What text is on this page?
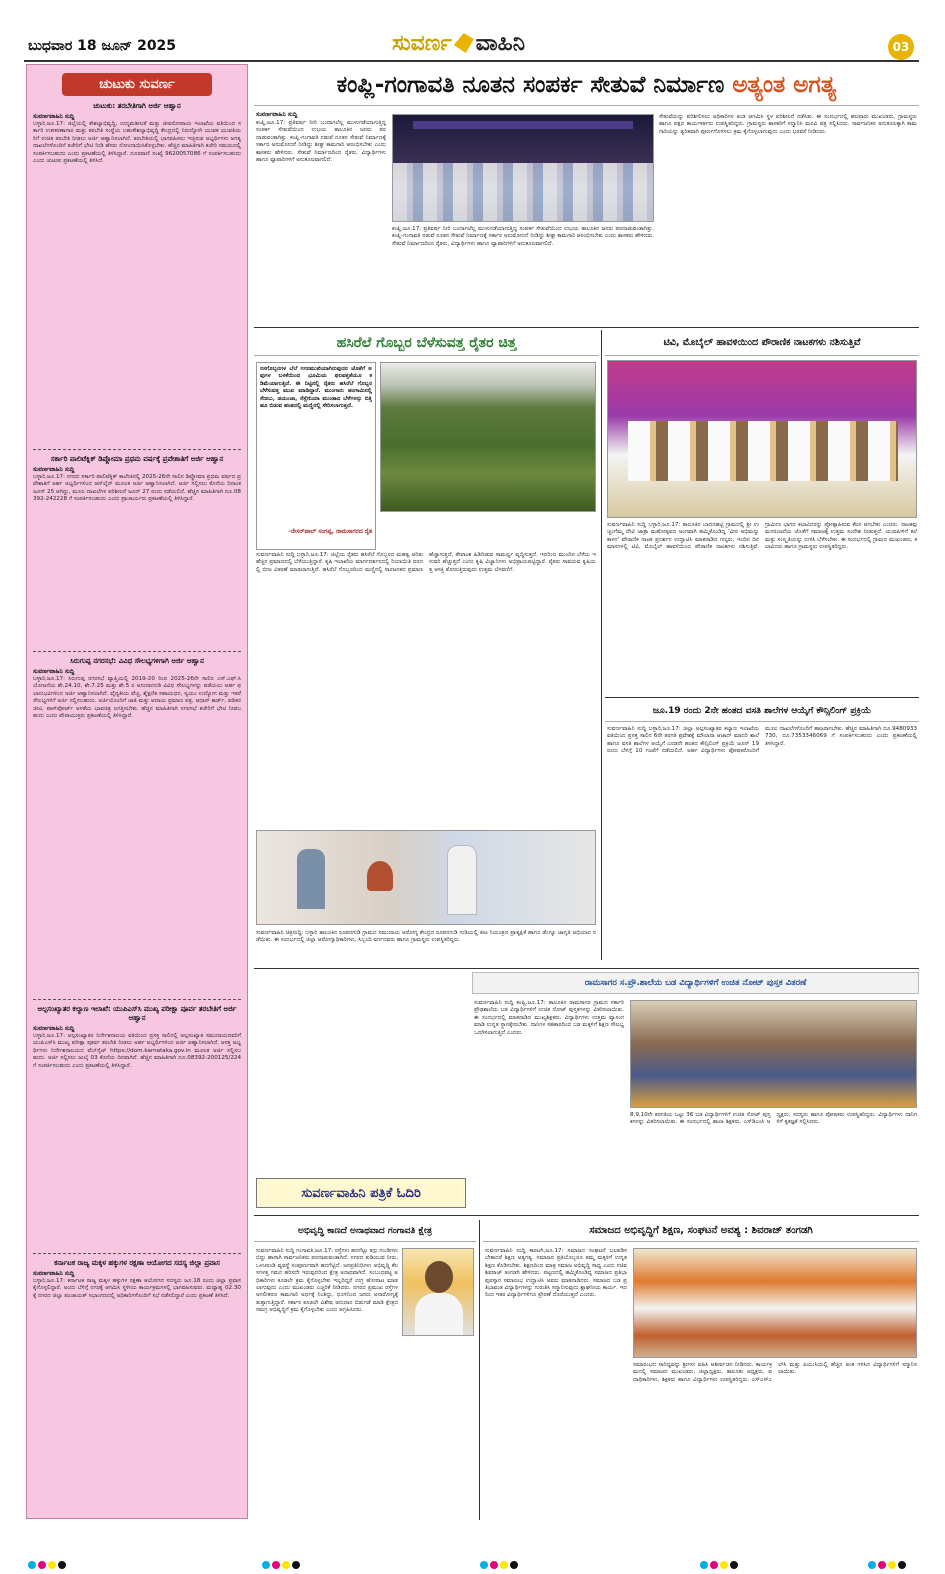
ಬುಧವಾರ 18 ಜೂನ್ 2025	ಸುವರ್ಣ ವಾಹಿನಿ	03
ಚುಟುಕು ಸುವರ್ಣ
ಚುಟುಕು: ತರಬೇತಿಗಾಗಿ ಅರ್ಜಿ ಆಹ್ವಾನ
ಸುವರ್ಣವಾಹಿನಿ ಸುದ್ದಿ
ಬಳ್ಳಾರಿ,ಜೂ.17: ಜಿಲ್ಲೆಯಲ್ಲಿ ಕೌಶಲ್ಯಾಭಿವೃದ್ಧಿ, ಉದ್ಯಮಶೀಲತೆ ಮತ್ತು ಜೀವನೋಪಾಯ ಇಲಾಖೆಯ ವತಿಯಿಂದ ಸರ್ಕಾರಿ ಉಪಕರಣಾಗಾರ ಮತ್ತು ತರಬೇತಿ ಸಂಸ್ಥೆಯ ಬಹುಕೌಶಲ್ಯಾಭಿವೃದ್ಧಿ ಕೇಂದ್ರದಲ್ಲಿ ನಿರುದ್ಯೋಗಿ ಯುವಕ ಯುವತಿಯರಿಗೆ ಉಚಿತ ತರಬೇತಿ ನೀಡಲು ಅರ್ಜಿ ಆಹ್ವಾನಿಸಲಾಗಿದೆ. ತರಬೇತಿಯಲ್ಲಿ ಭಾಗವಹಿಸಲು ಇಚ್ಛಿಸುವ ಅಭ್ಯರ್ಥಿಗಳು ಅಗತ್ಯ ದಾಖಲೆಗಳೊಂದಿಗೆ ಕಚೇರಿಗೆ ಭೇಟಿ ನೀಡಿ ಹೆಸರು ನೋಂದಾಯಿಸಿಕೊಳ್ಳಬೇಕು. ಹೆಚ್ಚಿನ ಮಾಹಿತಿಗಾಗಿ ಕಚೇರಿ ಸಮಯದಲ್ಲಿ ಸಂಪರ್ಕಿಸಬಹುದು ಎಂದು ಪ್ರಕಟಣೆಯಲ್ಲಿ ತಿಳಿಸಿದ್ದಾರೆ. ದೂರವಾಣಿ ಸಂಖ್ಯೆ 9620057086 ಗೆ ಸಂಪರ್ಕಿಸಬಹುದು ಎಂದು ಚುಟುಕು ಪ್ರಕಟಣೆಯಲ್ಲಿ ತಿಳಿಸಿದೆ.
ಸರ್ಕಾರಿ ಪಾಲಿಟೆಕ್ನಿಕ್ ಡಿಪ್ಲೋಮಾ ಪ್ರಥಮ ವರ್ಷಕ್ಕೆ ಪ್ರವೇಶಾತಿಗೆ ಅರ್ಜಿ ಆಹ್ವಾನ
ಸುವರ್ಣವಾಹಿನಿ ಸುದ್ದಿ
ಬಳ್ಳಾರಿ,ಜೂ.17: ನಗರದ ಸರ್ಕಾರಿ ಪಾಲಿಟೆಕ್ನಿಕ್ ಕಾಲೇಜಿನಲ್ಲಿ 2025-26ನೇ ಸಾಲಿನ ಡಿಪ್ಲೋಮಾ ಪ್ರಥಮ ವರ್ಷದ ಪ್ರವೇಶಾತಿಗೆ ಅರ್ಹ ಅಭ್ಯರ್ಥಿಗಳಿಂದ ಆನ್‌ಲೈನ್ ಮೂಲಕ ಅರ್ಜಿ ಆಹ್ವಾನಿಸಲಾಗಿದೆ. ಅರ್ಜಿ ಸಲ್ಲಿಸಲು ಕೊನೆಯ ದಿನಾಂಕ ಜೂನ್ 25 ಆಗಿದ್ದು, ಮೂಲ ದಾಖಲೆಗಳ ಪರಿಶೀಲನೆ ಜೂನ್ 27 ರಂದು ನಡೆಯಲಿದೆ. ಹೆಚ್ಚಿನ ಮಾಹಿತಿಗಾಗಿ ದೂ.08392-242228 ಗೆ ಸಂಪರ್ಕಿಸಬಹುದು ಎಂದು ಪ್ರಾಚಾರ್ಯರು ಪ್ರಕಟಣೆಯಲ್ಲಿ ತಿಳಿಸಿದ್ದಾರೆ.
ಸಿರುಗುಪ್ಪ ನಗರಸಭೆ: ವಿವಿಧ ಸೌಲಭ್ಯಗಳಿಗಾಗಿ ಅರ್ಜಿ ಆಹ್ವಾನ
ಸುವರ್ಣವಾಹಿನಿ ಸುದ್ದಿ
ಬಳ್ಳಾರಿ,ಜೂ.17: ಸಿರುಗುಪ್ಪ ನಗರಸಭೆ ವ್ಯಾಪ್ತಿಯಲ್ಲಿ 2019-20 ರಿಂದ 2025-26ನೇ ಸಾಲಿನ ಎಸ್.ಎಫ್.ಸಿ ಯೋಜನೆಯ ಶೇ.24.10, ಶೇ.7.25 ಮತ್ತು ಶೇ.5 ರ ಅನುದಾನದಡಿ ವಿವಿಧ ಸೌಲಭ್ಯಗಳನ್ನು ಪಡೆಯಲು ಅರ್ಹ ಫಲಾನುಭವಿಗಳಿಂದ ಅರ್ಜಿ ಆಹ್ವಾನಿಸಲಾಗಿದೆ. ವೈದ್ಯಕೀಯ ವೆಚ್ಚ, ಶೈಕ್ಷಣಿಕ ಸಹಾಯಧನ, ಸ್ವಯಂ ಉದ್ಯೋಗ ಮತ್ತು ಇತರೆ ಸೌಲಭ್ಯಗಳಿಗೆ ಅರ್ಜಿ ಸಲ್ಲಿಸಬಹುದು. ಅರ್ಜಿಯೊಂದಿಗೆ ಜಾತಿ ಮತ್ತು ಆದಾಯ ಪ್ರಮಾಣ ಪತ್ರ, ಆಧಾರ್ ಕಾರ್ಡ್, ಪಡಿತರ ಚೀಟಿ, ಪಾಸ್‌ಪೋರ್ಟ್ ಅಳತೆಯ ಭಾವಚಿತ್ರ ಲಗತ್ತಿಸಬೇಕು. ಹೆಚ್ಚಿನ ಮಾಹಿತಿಗಾಗಿ ನಗರಸಭೆ ಕಚೇರಿಗೆ ಭೇಟಿ ನೀಡಬಹುದು ಎಂದು ಪೌರಾಯುಕ್ತರು ಪ್ರಕಟಣೆಯಲ್ಲಿ ತಿಳಿಸಿದ್ದಾರೆ.
ಅಲ್ಪಸಂಖ್ಯಾತರ ಕಲ್ಯಾಣ ಇಲಾಖೆ: ಯುಪಿಎಸ್‌ಸಿ ಮುಖ್ಯ ಪರೀಕ್ಷಾ ಪೂರ್ವ ತರಬೇತಿಗೆ ಅರ್ಜಿ ಆಹ್ವಾನ
ಸುವರ್ಣವಾಹಿನಿ ಸುದ್ದಿ
ಬಳ್ಳಾರಿ,ಜೂ.17: ಅಲ್ಪಸಂಖ್ಯಾತರ ನಿರ್ದೇಶನಾಲಯ ವತಿಯಿಂದ ಪ್ರಸಕ್ತ ಸಾಲಿನಲ್ಲಿ ಅಲ್ಪಸಂಖ್ಯಾತ ಸಮುದಾಯದವರಿಗೆ ಯುಪಿಎಸ್‌ಸಿ ಮುಖ್ಯ ಪರೀಕ್ಷಾ ಪೂರ್ವ ತರಬೇತಿ ನೀಡಲು ಅರ್ಹ ಅಭ್ಯರ್ಥಿಗಳಿಂದ ಅರ್ಜಿ ಆಹ್ವಾನಿಸಲಾಗಿದೆ. ಆಸಕ್ತ ಅಭ್ಯರ್ಥಿಗಳು ನಿರ್ದೇಶನಾಲಯದ ವೆಬ್‌ಸೈಟ್ https://dom.karnataka.gov.in ಮೂಲಕ ಅರ್ಜಿ ಸಲ್ಲಿಸಬಹುದು. ಅರ್ಜಿ ಸಲ್ಲಿಸಲು ಜುಲೈ 03 ಕೊನೆಯ ದಿನವಾಗಿದೆ. ಹೆಚ್ಚಿನ ಮಾಹಿತಿಗಾಗಿ ದೂ.08392-200125/224 ಗೆ ಸಂಪರ್ಕಿಸಬಹುದು ಎಂದು ಪ್ರಕಟಣೆಯಲ್ಲಿ ತಿಳಿಸಿದ್ದಾರೆ.
ಕರ್ನಾಟಕ ರಾಜ್ಯ ಮಕ್ಕಳ ಹಕ್ಕುಗಳ ರಕ್ಷಣಾ ಆಯೋಗದ ಸದಸ್ಯ ಜಿಲ್ಲಾ ಪ್ರವಾಸ
ಸುವರ್ಣವಾಹಿನಿ ಸುದ್ದಿ
ಬಳ್ಳಾರಿ,ಜೂ.17: ಕರ್ನಾಟಕ ರಾಜ್ಯ ಮಕ್ಕಳ ಹಕ್ಕುಗಳ ರಕ್ಷಣಾ ಆಯೋಗದ ಸದಸ್ಯರು ಜೂ.18 ರಂದು ಜಿಲ್ಲಾ ಪ್ರವಾಸ ಕೈಗೊಳ್ಳಲಿದ್ದಾರೆ. ಅಂದು ಬೆಳಿಗ್ಗೆ ನಗರಕ್ಕೆ ಆಗಮಿಸಿ ಸ್ಥಳೀಯ ಕಾರ್ಯಕ್ರಮಗಳಲ್ಲಿ ಭಾಗವಹಿಸುವರು. ಮಧ್ಯಾಹ್ನ 02.30 ಕ್ಕೆ ನಗರದ ಜಿಲ್ಲಾ ಪಂಚಾಯತ್ ಸಭಾಂಗಣದಲ್ಲಿ ಅಧಿಕಾರಿಗಳೊಂದಿಗೆ ಸಭೆ ನಡೆಸಲಿದ್ದಾರೆ ಎಂದು ಪ್ರಕಟಣೆ ತಿಳಿಸಿದೆ.
ಕಂಪ್ಲಿ-ಗಂಗಾವತಿ ನೂತನ ಸಂಪರ್ಕ ಸೇತುವೆ ನಿರ್ಮಾಣ ಅತ್ಯಂತ ಅಗತ್ಯ
ಸುವರ್ಣವಾಹಿನಿ ಸುದ್ದಿ
ಕಂಪ್ಲಿ,ಜೂ.17: ಪ್ರತಿವರ್ಷ ನೀರಿ ಬಂದಾಗಲೆಲ್ಲ ಮುಳುಗಡೆಯಾಗುತ್ತಿದ್ದ ಸಂಪರ್ಕ ಸೇತುವೆಯಿಂದ ಉಭಯ ತಾಲೂಕಿನ ಜನರು ಪರದಾಡುವಂತಾಗಿತ್ತು. ಕಂಪ್ಲಿ-ಗಂಗಾವತಿ ನಡುವೆ ನೂತನ ಸೇತುವೆ ನಿರ್ಮಾಣಕ್ಕೆ ಸರ್ಕಾರ ಅನುಮೋದನೆ ನೀಡಿದ್ದು ಶೀಘ್ರ ಕಾಮಗಾರಿ ಆರಂಭಿಸಬೇಕು ಎಂದು ಶಾಸಕರು ಹೇಳಿದರು. ಸೇತುವೆ ನಿರ್ಮಾಣದಿಂದ ರೈತರು, ವಿದ್ಯಾರ್ಥಿಗಳು ಹಾಗೂ ವ್ಯಾಪಾರಿಗಳಿಗೆ ಅನುಕೂಲವಾಗಲಿದೆ.
ಕಂಪ್ಲಿ,ಜೂ.17: ಪ್ರತಿವರ್ಷ ನೀರಿ ಬಂದಾಗಲೆಲ್ಲ ಮುಳುಗಡೆಯಾಗುತ್ತಿದ್ದ ಸಂಪರ್ಕ ಸೇತುವೆಯಿಂದ ಉಭಯ ತಾಲೂಕಿನ ಜನರು ಪರದಾಡುವಂತಾಗಿತ್ತು. ಕಂಪ್ಲಿ-ಗಂಗಾವತಿ ನಡುವೆ ನೂತನ ಸೇತುವೆ ನಿರ್ಮಾಣಕ್ಕೆ ಸರ್ಕಾರ ಅನುಮೋದನೆ ನೀಡಿದ್ದು ಶೀಘ್ರ ಕಾಮಗಾರಿ ಆರಂಭಿಸಬೇಕು ಎಂದು ಶಾಸಕರು ಹೇಳಿದರು. ಸೇತುವೆ ನಿರ್ಮಾಣದಿಂದ ರೈತರು, ವಿದ್ಯಾರ್ಥಿಗಳು ಹಾಗೂ ವ್ಯಾಪಾರಿಗಳಿಗೆ ಅನುಕೂಲವಾಗಲಿದೆ.
ಸೇತುವೆಯನ್ನು ಪರಿಶೀಲಿಸಲು ಅಧಿಕಾರಿಗಳ ತಂಡ ಆಗಮಿಸಿ ಸ್ಥಳ ಪರಿಶೀಲನೆ ನಡೆಸಿತು. ಈ ಸಂದರ್ಭದಲ್ಲಿ ಹಲವಾರು ಮುಖಂಡರು, ಗ್ರಾಮಸ್ಥರು ಹಾಗೂ ಪಕ್ಷದ ಕಾರ್ಯಕರ್ತರು ಉಪಸ್ಥಿತರಿದ್ದರು. ಗ್ರಾಮಸ್ಥರು ಶಾಸಕರಿಗೆ ಸನ್ಮಾನಿಸಿ ಮನವಿ ಪತ್ರ ಸಲ್ಲಿಸಿದರು. ಸಾರ್ವಜನಿಕರ ಅನುಕೂಲಕ್ಕಾಗಿ ಕಾಮಗಾರಿಯನ್ನು ತ್ವರಿತವಾಗಿ ಪೂರ್ಣಗೊಳಿಸಲು ಕ್ರಮ ಕೈಗೊಳ್ಳಲಾಗುವುದು ಎಂದು ಭರವಸೆ ನೀಡಿದರು.
ಹಸಿರೆಲೆ ಗೊಬ್ಬರ ಬೆಳೆಸುವತ್ತ ರೈತರ ಚಿತ್ತ
ರಸಗೊಬ್ಬರಗಳ ಬೆಲೆ ಗಗನಮುಖಿಯಾಗಿರುವುದರ ಜೊತೆಗೆ ಅವುಗಳ ಬಳಕೆಯಿಂದ ಭೂಮಿಯ ಫಲವತ್ತತೆಯೂ ಕಡಿಮೆಯಾಗುತ್ತಿದೆ. ಈ ನಿಟ್ಟಿನಲ್ಲಿ ರೈತರು ಹಸಿರೆಲೆ ಗೊಬ್ಬರ ಬೆಳೆಸುವತ್ತ ಮುಖ ಮಾಡಿದ್ದಾರೆ. ಮುಂಗಾರು ಹಂಗಾಮಿನಲ್ಲಿ ಸೆಣಬು, ಡಯಂಚಾ, ಸೆಸ್ಬೇನಿಯಾ ಮುಂತಾದ ಬೆಳೆಗಳನ್ನು ಬಿತ್ತಿ ಹೂ ಬಿಡುವ ಹಂತದಲ್ಲಿ ಮಣ್ಣಿನಲ್ಲಿ ಸೇರಿಸಲಾಗುತ್ತದೆ.
-ನೇಸರ್‌ಪಾಲ್ ಸಂಗಪ್ಪ, ರಾಮಸಾಗರದ ರೈತ
ಸುವರ್ಣವಾಹಿನಿ ಸುದ್ದಿ ಬಳ್ಳಾರಿ,ಜೂ.17: ಜಿಲ್ಲೆಯ ರೈತರು ಹಸಿರೆಲೆ ಗೊಬ್ಬರದ ಮಹತ್ವ ಅರಿತು ಹೆಚ್ಚಿನ ಪ್ರಮಾಣದಲ್ಲಿ ಬೆಳೆಯುತ್ತಿದ್ದಾರೆ. ಕೃಷಿ ಇಲಾಖೆಯ ಮಾರ್ಗದರ್ಶನದಲ್ಲಿ ರಿಯಾಯಿತಿ ದರದಲ್ಲಿ ಬೀಜ ವಿತರಣೆ ಮಾಡಲಾಗುತ್ತಿದೆ. ಹಸಿರೆಲೆ ಗೊಬ್ಬರದಿಂದ ಮಣ್ಣಿನಲ್ಲಿ ಸಾರಜನಕದ ಪ್ರಮಾಣ ಹೆಚ್ಚಾಗುತ್ತದೆ, ತೇವಾಂಶ ಹಿಡಿದಿಡುವ ಸಾಮರ್ಥ್ಯ ವೃದ್ಧಿಸುತ್ತದೆ. ಇದರಿಂದ ಮುಂದಿನ ಬೆಳೆಯ ಇಳುವರಿ ಹೆಚ್ಚುತ್ತದೆ ಎಂದು ಕೃಷಿ ವಿಜ್ಞಾನಿಗಳು ಅಭಿಪ್ರಾಯಪಟ್ಟಿದ್ದಾರೆ. ರೈತರು ಸಾವಯವ ಕೃಷಿಯತ್ತ ಆಸಕ್ತಿ ತೋರುತ್ತಿರುವುದು ಉತ್ತಮ ಬೆಳವಣಿಗೆ.
ಸುವರ್ಣವಾಹಿನಿ ಚಿತ್ರಸುದ್ದಿ: ಬಳ್ಳಾರಿ ತಾಲೂಕಿನ ರೂಪನಗುಡಿ ಗ್ರಾಮದ ಸಮುದಾಯ ಆರೋಗ್ಯ ಕೇಂದ್ರದ ರೂಪನಗುಡಿ ಗುಡಿಯಲ್ಲಿ ಕೀಟ ನಿಯಂತ್ರಣ ಪ್ರಾತ್ಯಕ್ಷಿಕೆ ಹಾಗೂ ಡೆಂಗ್ಯೂ ಜಾಗೃತಿ ಅಭಿಯಾನ ನಡೆಯಿತು. ಈ ಸಂದರ್ಭದಲ್ಲಿ ಜಿಲ್ಲಾ ಆರೋಗ್ಯಾಧಿಕಾರಿಗಳು, ಸಿಬ್ಬಂದಿ ವರ್ಗದವರು ಹಾಗೂ ಗ್ರಾಮಸ್ಥರು ಉಪಸ್ಥಿತರಿದ್ದರು.
ಟಿವಿ, ಮೊಬೈಲ್ ಹಾವಳಿಯಿಂದ ಪೌರಾಣಿಕ ನಾಟಕಗಳು ನಶಿಸುತ್ತಿವೆ
ಸುವರ್ಣವಾಹಿನಿ ಸುದ್ದಿ ಬಳ್ಳಾರಿ,ಜೂ.17: ತಾಲೂಕಿನ ಬಾದನಹಟ್ಟಿ ಗ್ರಾಮದಲ್ಲಿ ಶ್ರೀ ಉಚ್ಚಂಗೆಮ್ಮ ದೇವಿ ಜಾತ್ರಾ ಮಹೋತ್ಸವದ ಅಂಗವಾಗಿ ಹಮ್ಮಿಕೊಂಡಿದ್ದ 'ವೀರ ಅಭಿಮನ್ಯು ಕಾಳಗ' ಪೌರಾಣಿಕ ನಾಟಕ ಪ್ರದರ್ಶನ ಉದ್ಘಾಟಿಸಿ ಮಾತನಾಡಿದ ಗಣ್ಯರು, ಇಂದಿನ ದಿನಮಾನಗಳಲ್ಲಿ ಟಿವಿ, ಮೊಬೈಲ್ ಹಾವಳಿಯಿಂದ ಪೌರಾಣಿಕ ನಾಟಕಗಳು ನಶಿಸುತ್ತಿವೆ. ಗ್ರಾಮೀಣ ಭಾಗದ ಕಲಾವಿದರನ್ನು ಪ್ರೋತ್ಸಾಹಿಸುವ ಕೆಲಸ ಆಗಬೇಕು ಎಂದರು. ನಾಟಕವು ಮನರಂಜನೆಯ ಜೊತೆಗೆ ಸಮಾಜಕ್ಕೆ ಉತ್ತಮ ಸಂದೇಶ ನೀಡುತ್ತದೆ. ಯುವಪೀಳಿಗೆ ಕಲೆ ಮತ್ತು ಸಂಸ್ಕೃತಿಯನ್ನು ಉಳಿಸಿ ಬೆಳೆಸಬೇಕು. ಈ ಸಂದರ್ಭದಲ್ಲಿ ಗ್ರಾಮದ ಮುಖಂಡರು, ಕಲಾವಿದರು ಹಾಗೂ ಗ್ರಾಮಸ್ಥರು ಉಪಸ್ಥಿತರಿದ್ದರು.
ಜೂ.19 ರಂದು 2ನೇ ಹಂತದ ವಸತಿ ಶಾಲೆಗಳ ಆಯ್ಕೆಗೆ ಕೌನ್ಸಿಲಿಂಗ್ ಪ್ರಕ್ರಿಯೆ
ಸುವರ್ಣವಾಹಿನಿ ಸುದ್ದಿ ಬಳ್ಳಾರಿ,ಜೂ.17: ಜಿಲ್ಲಾ ಅಲ್ಪಸಂಖ್ಯಾತರ ಕಲ್ಯಾಣ ಇಲಾಖೆಯ ವತಿಯಿಂದ ಪ್ರಸಕ್ತ ಸಾಲಿನ 6ನೇ ತರಗತಿ ಪ್ರವೇಶಕ್ಕೆ ಮೌಲಾನಾ ಆಜಾದ್ ಮಾದರಿ ಶಾಲೆ ಹಾಗೂ ವಸತಿ ಶಾಲೆಗಳ ಆಯ್ಕೆಗೆ ಎರಡನೇ ಹಂತದ ಕೌನ್ಸಿಲಿಂಗ್ ಪ್ರಕ್ರಿಯೆ ಜೂನ್ 19 ರಂದು ಬೆಳಿಗ್ಗೆ 10 ಗಂಟೆಗೆ ನಡೆಯಲಿದೆ. ಅರ್ಹ ವಿದ್ಯಾರ್ಥಿಗಳು ಪೋಷಕರೊಂದಿಗೆ ಮೂಲ ದಾಖಲೆಗಳೊಂದಿಗೆ ಹಾಜರಾಗಬೇಕು. ಹೆಚ್ಚಿನ ಮಾಹಿತಿಗಾಗಿ ದೂ.9480933730, ದೂ.7353346069 ಗೆ ಸಂಪರ್ಕಿಸಬಹುದು ಎಂದು ಪ್ರಕಟಣೆಯಲ್ಲಿ ತಿಳಿಸಿದ್ದಾರೆ.
ರಾಮಸಾಗರ ಸ.ಪ್ರೌ.ಶಾಲೆಯ ಬಡ ವಿದ್ಯಾರ್ಥಿಗಳಿಗೆ ಉಚಿತ ನೋಟ್ ಪುಸ್ತಕ ವಿತರಣೆ
ಸುವರ್ಣವಾಹಿನಿ ಸುದ್ದಿ ಕಂಪ್ಲಿ,ಜೂ.17: ತಾಲೂಕಿನ ರಾಮಸಾಗರ ಗ್ರಾಮದ ಸರ್ಕಾರಿ ಪ್ರೌಢಶಾಲೆಯ ಬಡ ವಿದ್ಯಾರ್ಥಿಗಳಿಗೆ ಉಚಿತ ನೋಟ್ ಪುಸ್ತಕಗಳನ್ನು ವಿತರಿಸಲಾಯಿತು. ಈ ಸಂದರ್ಭದಲ್ಲಿ ಮಾತನಾಡಿದ ಮುಖ್ಯಶಿಕ್ಷಕರು, ವಿದ್ಯಾರ್ಥಿಗಳು ಉತ್ತಮ ವ್ಯಾಸಂಗ ಮಾಡಿ ಉನ್ನತ ಸ್ಥಾನಕ್ಕೇರಬೇಕು. ದಾನಿಗಳ ಸಹಕಾರದಿಂದ ಬಡ ಮಕ್ಕಳಿಗೆ ಶಿಕ್ಷಣ ಸೌಲಭ್ಯ ಒದಗಿಸಲಾಗುತ್ತಿದೆ ಎಂದರು.
8,9,10ನೇ ತರಗತಿಯ ಒಟ್ಟು 36 ಬಡ ವಿದ್ಯಾರ್ಥಿಗಳಿಗೆ ಉಚಿತ ನೋಟ್ ಪುಸ್ತಕಗಳನ್ನು ವಿತರಿಸಲಾಯಿತು. ಈ ಸಂದರ್ಭದಲ್ಲಿ ಶಾಲಾ ಶಿಕ್ಷಕರು, ಎಸ್‌ಡಿಎಂಸಿ ಅಧ್ಯಕ್ಷರು, ಸದಸ್ಯರು ಹಾಗೂ ಪೋಷಕರು ಉಪಸ್ಥಿತರಿದ್ದರು. ವಿದ್ಯಾರ್ಥಿಗಳು ದಾನಿಗಳಿಗೆ ಕೃತಜ್ಞತೆ ಸಲ್ಲಿಸಿದರು.
ಸುವರ್ಣವಾಹಿನಿ ಪತ್ರಿಕೆ ಓದಿರಿ
ಅಭಿವೃದ್ಧಿ ಕಾಣದೆ ಅನಾಥವಾದ ಗಂಗಾವತಿ ಕ್ಷೇತ್ರ
ಸುವರ್ಣವಾಹಿನಿ ಸುದ್ದಿ ಗಂಗಾವತಿ,ಜೂ.17: ರಸ್ತೆಗಳು ಹದಗೆಟ್ಟು ತಗ್ಗು ಗುಂಡಿಗಳು ಬಿದ್ದು ಹಾಳಾಗಿ ಸಾರ್ವಜನಿಕರು ಪರದಾಡುವಂತಾಗಿದೆ. ನಗರದ ಕುಡಿಯುವ ನೀರು, ಒಳಚರಂಡಿ ವ್ಯವಸ್ಥೆ ಸಂಪೂರ್ಣವಾಗಿ ಹದಗೆಟ್ಟಿದೆ. ಜನಪ್ರತಿನಿಧಿಗಳು ಅಭಿವೃದ್ಧಿ ಕೆಲಸಗಳತ್ತ ಗಮನ ಹರಿಸದೇ ಇರುವುದರಿಂದ ಕ್ಷೇತ್ರ ಅನಾಥವಾಗಿದೆ. ಸಂಬಂಧಪಟ್ಟ ಅಧಿಕಾರಿಗಳು ಕೂಡಲೇ ಕ್ರಮ ಕೈಗೊಳ್ಳಬೇಕು ಇಲ್ಲದಿದ್ದರೆ ಉಗ್ರ ಹೋರಾಟ ಮಾಡಲಾಗುವುದು ಎಂದು ಮುಖಂಡರು ಎಚ್ಚರಿಕೆ ನೀಡಿದರು. ನಗರದ ಪ್ರಮುಖ ರಸ್ತೆಗಳ ಅಗಲೀಕರಣ ಕಾಮಗಾರಿ ಅರ್ಧಕ್ಕೆ ನಿಂತಿದ್ದು, ಧೂಳಿನಿಂದ ಜನರು ಅನಾರೋಗ್ಯಕ್ಕೆ ತುತ್ತಾಗುತ್ತಿದ್ದಾರೆ. ಸರ್ಕಾರ ಕೂಡಲೇ ವಿಶೇಷ ಅನುದಾನ ಬಿಡುಗಡೆ ಮಾಡಿ ಕ್ಷೇತ್ರದ ಸಮಗ್ರ ಅಭಿವೃದ್ಧಿಗೆ ಕ್ರಮ ಕೈಗೊಳ್ಳಬೇಕು ಎಂದು ಆಗ್ರಹಿಸಿದರು.
ಸಮಾಜದ ಅಭಿವೃದ್ಧಿಗೆ ಶಿಕ್ಷಣ, ಸಂಘಟನೆ ಅವಶ್ಯ : ಶಿವರಾಜ್ ತಂಗಡಗಿ
ಸುವರ್ಣವಾಹಿನಿ ಸುದ್ದಿ ಕಾರಟಗಿ,ಜೂ.17: ಸಮಾಜದ ಸಂಘಟನೆ ಬಲಪಡಿಸಬೇಕಾದರೆ ಶಿಕ್ಷಣ ಅತ್ಯಗತ್ಯ. ಸಮಾಜದ ಪ್ರತಿಯೊಬ್ಬರೂ ತಮ್ಮ ಮಕ್ಕಳಿಗೆ ಉನ್ನತ ಶಿಕ್ಷಣ ಕೊಡಿಸಬೇಕು. ಶಿಕ್ಷಣದಿಂದ ಮಾತ್ರ ಸಮಾಜ ಅಭಿವೃದ್ಧಿ ಸಾಧ್ಯ ಎಂದು ಸಚಿವ ಶಿವರಾಜ್ ತಂಗಡಗಿ ಹೇಳಿದರು. ಪಟ್ಟಣದಲ್ಲಿ ಹಮ್ಮಿಕೊಂಡಿದ್ದ ಸಮಾಜದ ಪ್ರತಿಭಾ ಪುರಸ್ಕಾರ ಸಮಾರಂಭ ಉದ್ಘಾಟಿಸಿ ಅವರು ಮಾತನಾಡಿದರು. ಸಮಾಜದ ಬಡ ಪ್ರತಿಭಾವಂತ ವಿದ್ಯಾರ್ಥಿಗಳನ್ನು ಗುರುತಿಸಿ ಸನ್ಮಾನಿಸುವುದು ಶ್ಲಾಘನೀಯ ಕಾರ್ಯ. ಇದರಿಂದ ಇತರ ವಿದ್ಯಾರ್ಥಿಗಳಿಗೂ ಪ್ರೇರಣೆ ದೊರೆಯುತ್ತದೆ ಎಂದರು.
ಸಮಾರಂಭದ ಸಾನಿಧ್ಯವನ್ನು ಶ್ರೀಗಳು ವಹಿಸಿ ಆಶೀರ್ವಚನ ನೀಡಿದರು. ಕಾರ್ಯಕ್ರಮದಲ್ಲಿ ಸಮಾಜದ ಮುಖಂಡರು, ಜಿಲ್ಲಾಧ್ಯಕ್ಷರು, ತಾಲೂಕು ಅಧ್ಯಕ್ಷರು, ಪದಾಧಿಕಾರಿಗಳು, ಶಿಕ್ಷಕರು ಹಾಗೂ ವಿದ್ಯಾರ್ಥಿಗಳು ಉಪಸ್ಥಿತರಿದ್ದರು. ಎಸ್‌ಎಸ್‌ಎಲ್‌ಸಿ ಮತ್ತು ಪಿಯುಸಿಯಲ್ಲಿ ಹೆಚ್ಚಿನ ಅಂಕ ಗಳಿಸಿದ ವಿದ್ಯಾರ್ಥಿಗಳಿಗೆ ಸನ್ಮಾನಿಸಲಾಯಿತು.
